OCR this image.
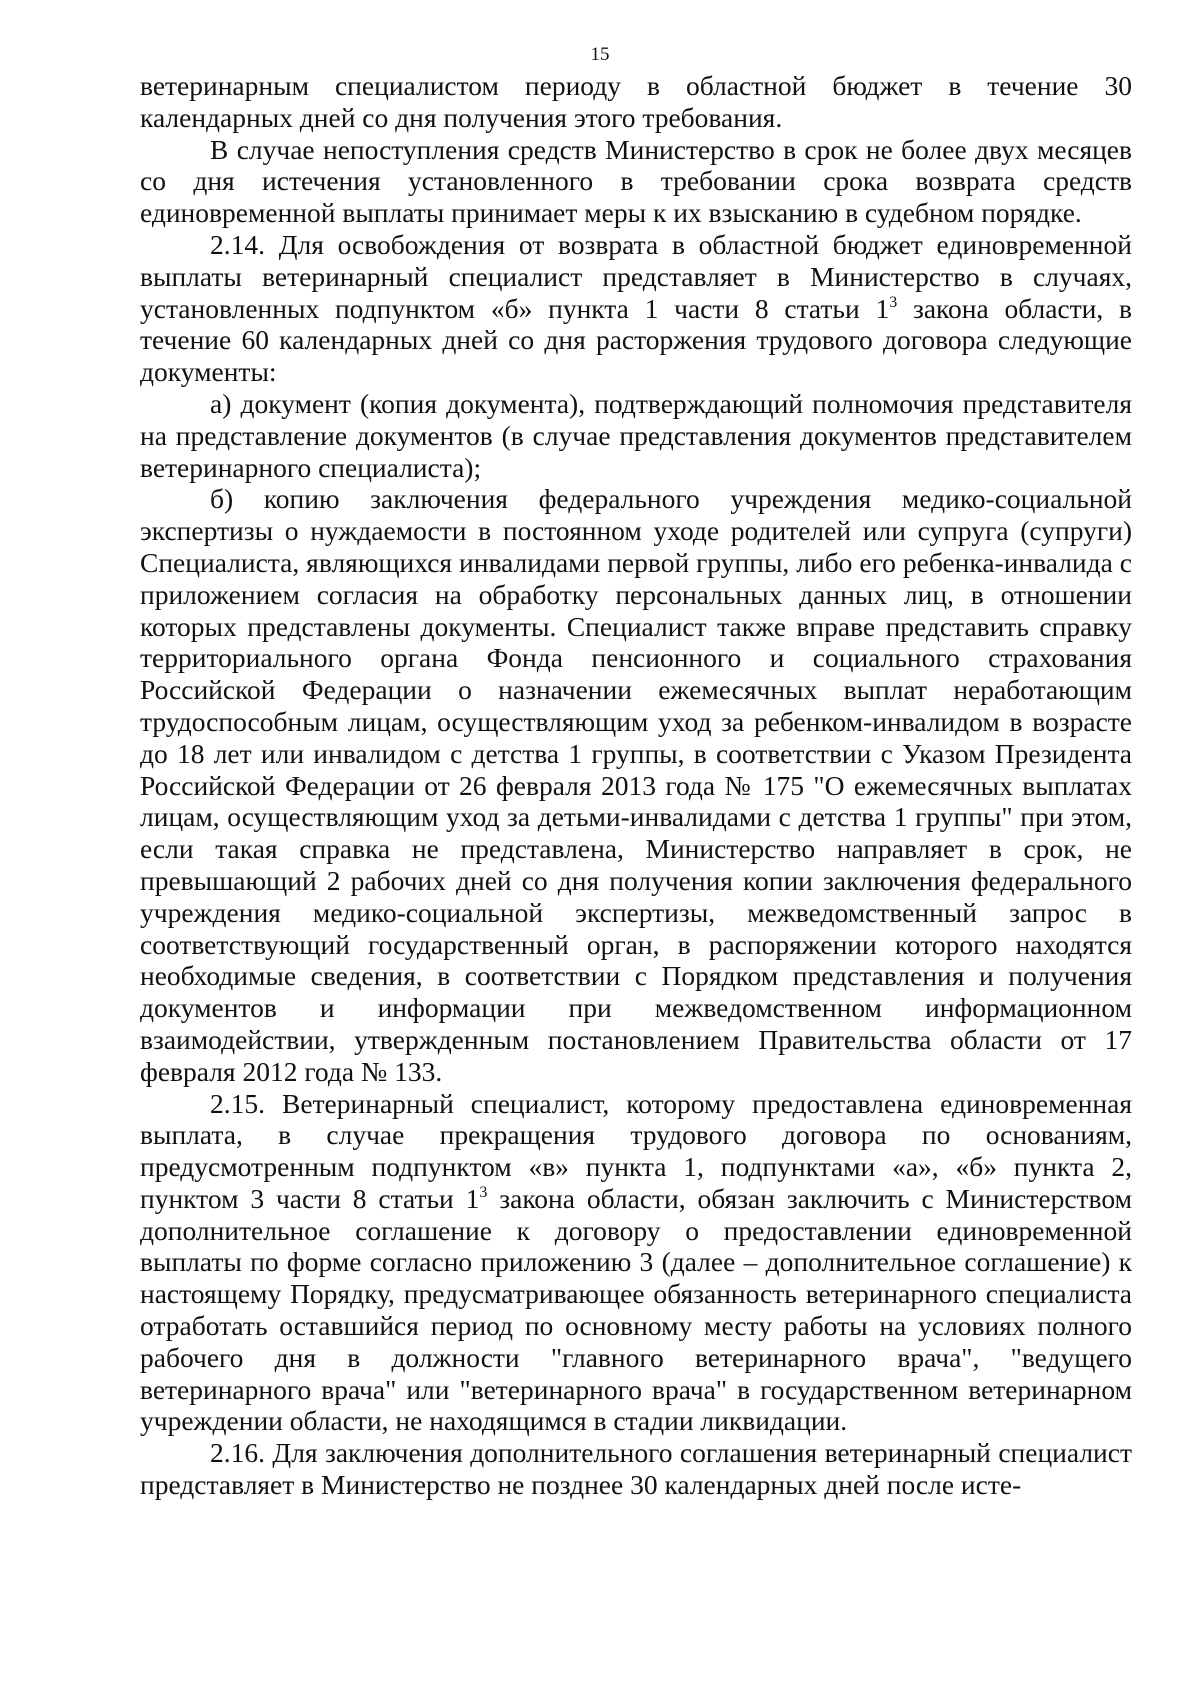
15

ветеринарным специалистом периоду в областной бюджет в течение 30 календарных дней со дня получения этого требования.

В случае непоступления средств Министерство в срок не более двух месяцев со дня истечения установленного в требовании срока возврата средств единовременной выплаты принимает меры к их взысканию в судебном порядке.

2.14. Для освобождения от возврата в областной бюджет единовременной выплаты ветеринарный специалист представляет в Министерство в случаях, установленных подпунктом «б» пункта 1 части 8 статьи $1^3$ закона области, в течение 60 календарных дней со дня расторжения трудового договора следующие документы:

а) документ (копия документа), подтверждающий полномочия представителя на представление документов (в случае представления документов представителем ветеринарного специалиста);

б) копию заключения федерального учреждения медико-социальной экспертизы о нуждаемости в постоянном уходе родителей или супруга (супруги) Специалиста, являющихся инвалидами первой группы, либо его ребенка-инвалида с приложением согласия на обработку персональных данных лиц, в отношении которых представлены документы. Специалист также вправе представить справку территориального органа Фонда пенсионного и социального страхования Российской Федерации о назначении ежемесячных выплат неработающим трудоспособным лицам, осуществляющим уход за ребенком-инвалидом в возрасте до 18 лет или инвалидом с детства 1 группы, в соответствии с Указом Президента Российской Федерации от 26 февраля 2013 года № 175 "О ежемесячных выплатах лицам, осуществляющим уход за детьми-инвалидами с детства 1 группы" при этом, если такая справка не представлена, Министерство направляет в срок, не превышающий 2 рабочих дней со дня получения копии заключения федерального учреждения медико-социальной экспертизы, межведомственный запрос в соответствующий государственный орган, в распоряжении которого находятся необходимые сведения, в соответствии с Порядком представления и получения документов и информации при межведомственном информационном взаимодействии, утвержденным постановлением Правительства области от 17 февраля 2012 года № 133.

2.15. Ветеринарный специалист, которому предоставлена единовременная выплата, в случае прекращения трудового договора по основаниям, предусмотренным подпунктом «в» пункта 1, подпунктами «а», «б» пункта 2, пунктом 3 части 8 статьи $1^3$ закона области, обязан заключить с Министерством дополнительное соглашение к договору о предоставлении единовременной выплаты по форме согласно приложению 3 (далее – дополнительное соглашение) к настоящему Порядку, предусматривающее обязанность ветеринарного специалиста отработать оставшийся период по основному месту работы на условиях полного рабочего дня в должности "главного ветеринарного врача", "ведущего ветеринарного врача" или "ветеринарного врача" в государственном ветеринарном учреждении области, не находящимся в стадии ликвидации.

2.16. Для заключения дополнительного соглашения ветеринарный специалист представляет в Министерство не позднее 30 календарных дней после исте-
